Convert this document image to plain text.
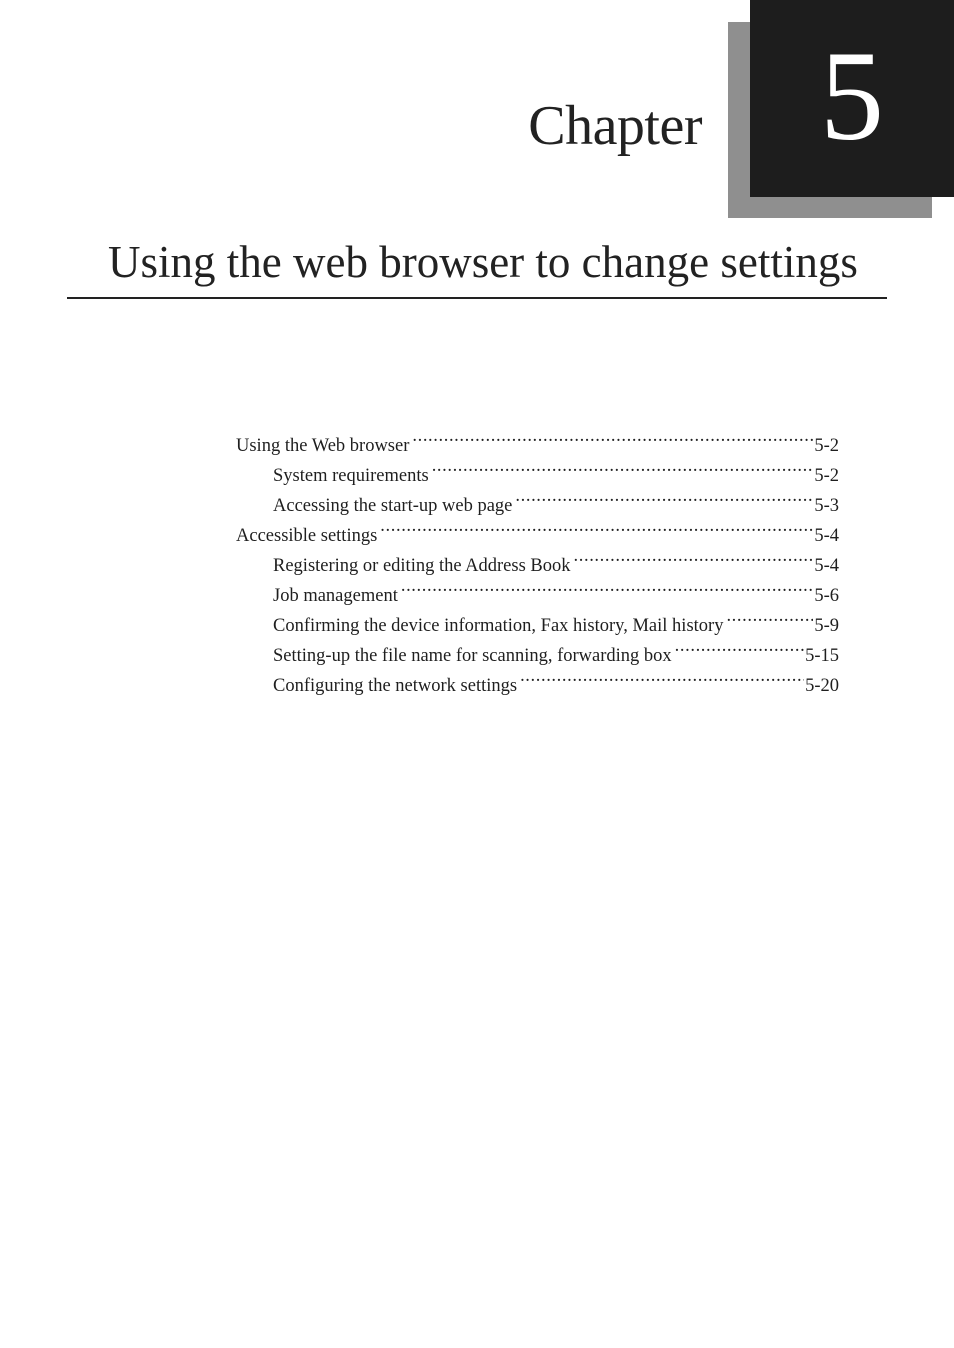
Chapter 5
Using the web browser to change settings
Using the Web browser .....	5-2
System requirements .....	5-2
Accessing the start-up web page .....	5-3
Accessible settings .....	5-4
Registering or editing the Address Book .....	5-4
Job management .....	5-6
Confirming the device information, Fax history, Mail history .....	5-9
Setting-up the file name for scanning, forwarding box .....	5-15
Configuring the network settings .....	5-20
